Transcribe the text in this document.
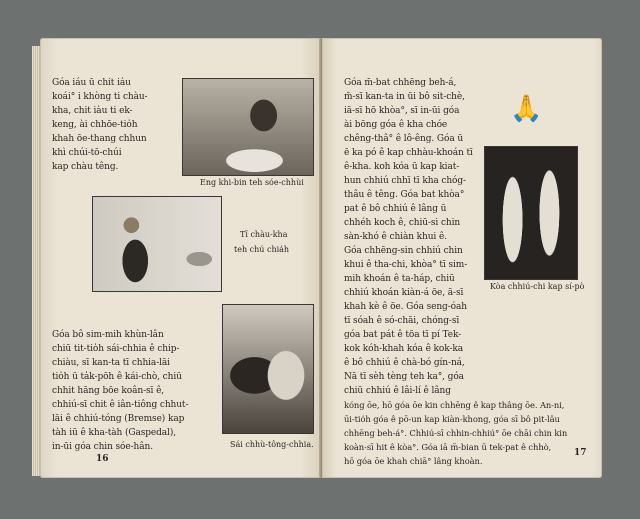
Góa iáu ū chit ia̍u

koái° i khòng ti chàu-

kha, chit ia̍u ti ek-

keng, ài chhōe-tio̍h

khah ōe-thang chhun

khì chúi-tō-chúi

kap chàu têng.

Eng khi-bin teh sóe-chhùi
Tī chàu-kha
teh chú chia̍h
Sái chhù-tông-chhia.

Góa bô sim-mih khùn-lân

chiū tit-tio̍h sái-chhia ê chip-

chiàu, sī kan-ta tī chhia-lāi

tio̍h ū ta̍k-pōh ê kái-chò, chiū

chhit hāng bōe koân-sī ê,

chhiú-sī chit ê iân-tiông chhut-

lāi ê chhiú-tóng (Bremse) kap

tàh iū ê kha-tàh (Gaspedal),

in-ūi góa chin sóe-hân.

16
🙏

Góa m̄-bat chhēng beh-á,

m̄-sī kan-ta in ūi bô sit-chè,

iā-sī hō khòa°, sī in-ūi góa

ài bōng góa ê kha chóe

chêng-thâ° ê lô-êng. Góa ū

ē ka pó ê kap chhàu-khoán tī

ê-kha. koh kóa ū kap kiat-

hun chhiú chhī tī kha chóg-

thâu ê têng. Góa bat khòa°

pat ê bô chhiú ê lâng ū

chhéh koch ê, chiū-si chin

sàn-khó ê chiàn khui ê.

Góa chhēng-sin chhiú chin

khui ê tha-chi, khòa° tī sim-

mih khoán ê ta-háp, chiū

chhiú khoán kiàn-á ōe, ā-sī

khah kè ê ōe. Góa seng-óah

tī sóah ê só-chāi, chóng-sī

góa bat pát ê tōa tī pí Tek-

kok kóh-khah kóa ê kok-ka

ê bô chhiú ê chà-bó gín-ná,

Nā tī sèh tèng teh ka°, góa

chiū chhiú ê lâi-lí ê lâng

kóng ōe, hō góa ōe kin chhēng ê kap thâng ōe. An-ni,

ūi-tio̍h góa ê pō-un kap kiàn-khong, góa sī bô pit-lâu

chhēng beh-á°. Chhiú-sī chhin-chhiú° ōe chāi chin kin

koàn-sī hit ê kòa°. Góa iā m̄-bian ū tek-pat ê chhò,

hō góa ōe khah chiā° lâng khoàn.

Kòa chhiú-chi kap sí-pò
17
